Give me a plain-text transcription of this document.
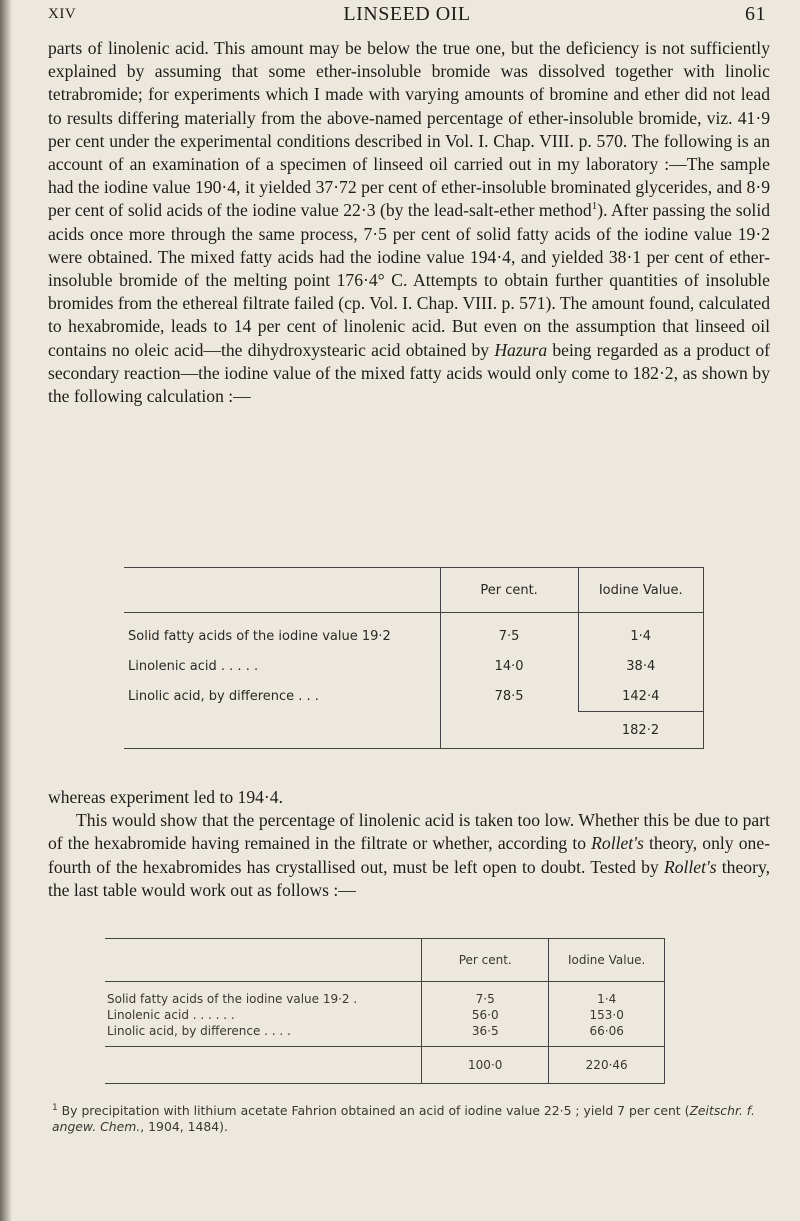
XIV	LINSEED OIL	61

parts of linolenic acid. This amount may be below the true one, but the deficiency is not sufficiently explained by assuming that some ether-insoluble bromide was dissolved together with linolic tetrabromide; for experiments which I made with varying amounts of bromine and ether did not lead to results differing materially from the above-named percentage of ether-insoluble bromide, viz. 41·9 per cent under the experimental conditions described in Vol. I. Chap. VIII. p. 570. The following is an account of an examination of a specimen of linseed oil carried out in my laboratory :—The sample had the iodine value 190·4, it yielded 37·72 per cent of ether-insoluble brominated glycerides, and 8·9 per cent of solid acids of the iodine value 22·3 (by the lead-salt-ether method$^1$). After passing the solid acids once more through the same process, 7·5 per cent of solid fatty acids of the iodine value 19·2 were obtained. The mixed fatty acids had the iodine value 194·4, and yielded 38·1 per cent of ether-insoluble bromide of the melting point 176·4° C. Attempts to obtain further quantities of insoluble bromides from the ethereal filtrate failed (cp. Vol. I. Chap. VIII. p. 571). The amount found, calculated to hexabromide, leads to 14 per cent of linolenic acid. But even on the assumption that linseed oil contains no oleic acid—the dihydroxystearic acid obtained by Hazura being regarded as a product of secondary reaction—the iodine value of the mixed fatty acids would only come to 182·2, as shown by the following calculation :—

	Per cent.	Iodine Value.
Solid fatty acids of the iodine value 19·2	7·5	1·4
Linolenic acid . . . . .	14·0	38·4
Linolic acid, by difference . . .	78·5	142·4
		182·2

whereas experiment led to 194·4.

This would show that the percentage of linolenic acid is taken too low. Whether this be due to part of the hexabromide having remained in the filtrate or whether, according to Rollet's theory, only one-fourth of the hexabromides has crystallised out, must be left open to doubt. Tested by Rollet's theory, the last table would work out as follows :—

	Per cent.	Iodine Value.
Solid fatty acids of the iodine value 19·2 .	7·5	1·4
Linolenic acid . . . . . .	56·0	153·0
Linolic acid, by difference . . . .	36·5	66·06
	100·0	220·46
$^1$ By precipitation with lithium acetate Fahrion obtained an acid of iodine value 22·5 ; yield 7 per cent (Zeitschr. f. angew. Chem., 1904, 1484).
